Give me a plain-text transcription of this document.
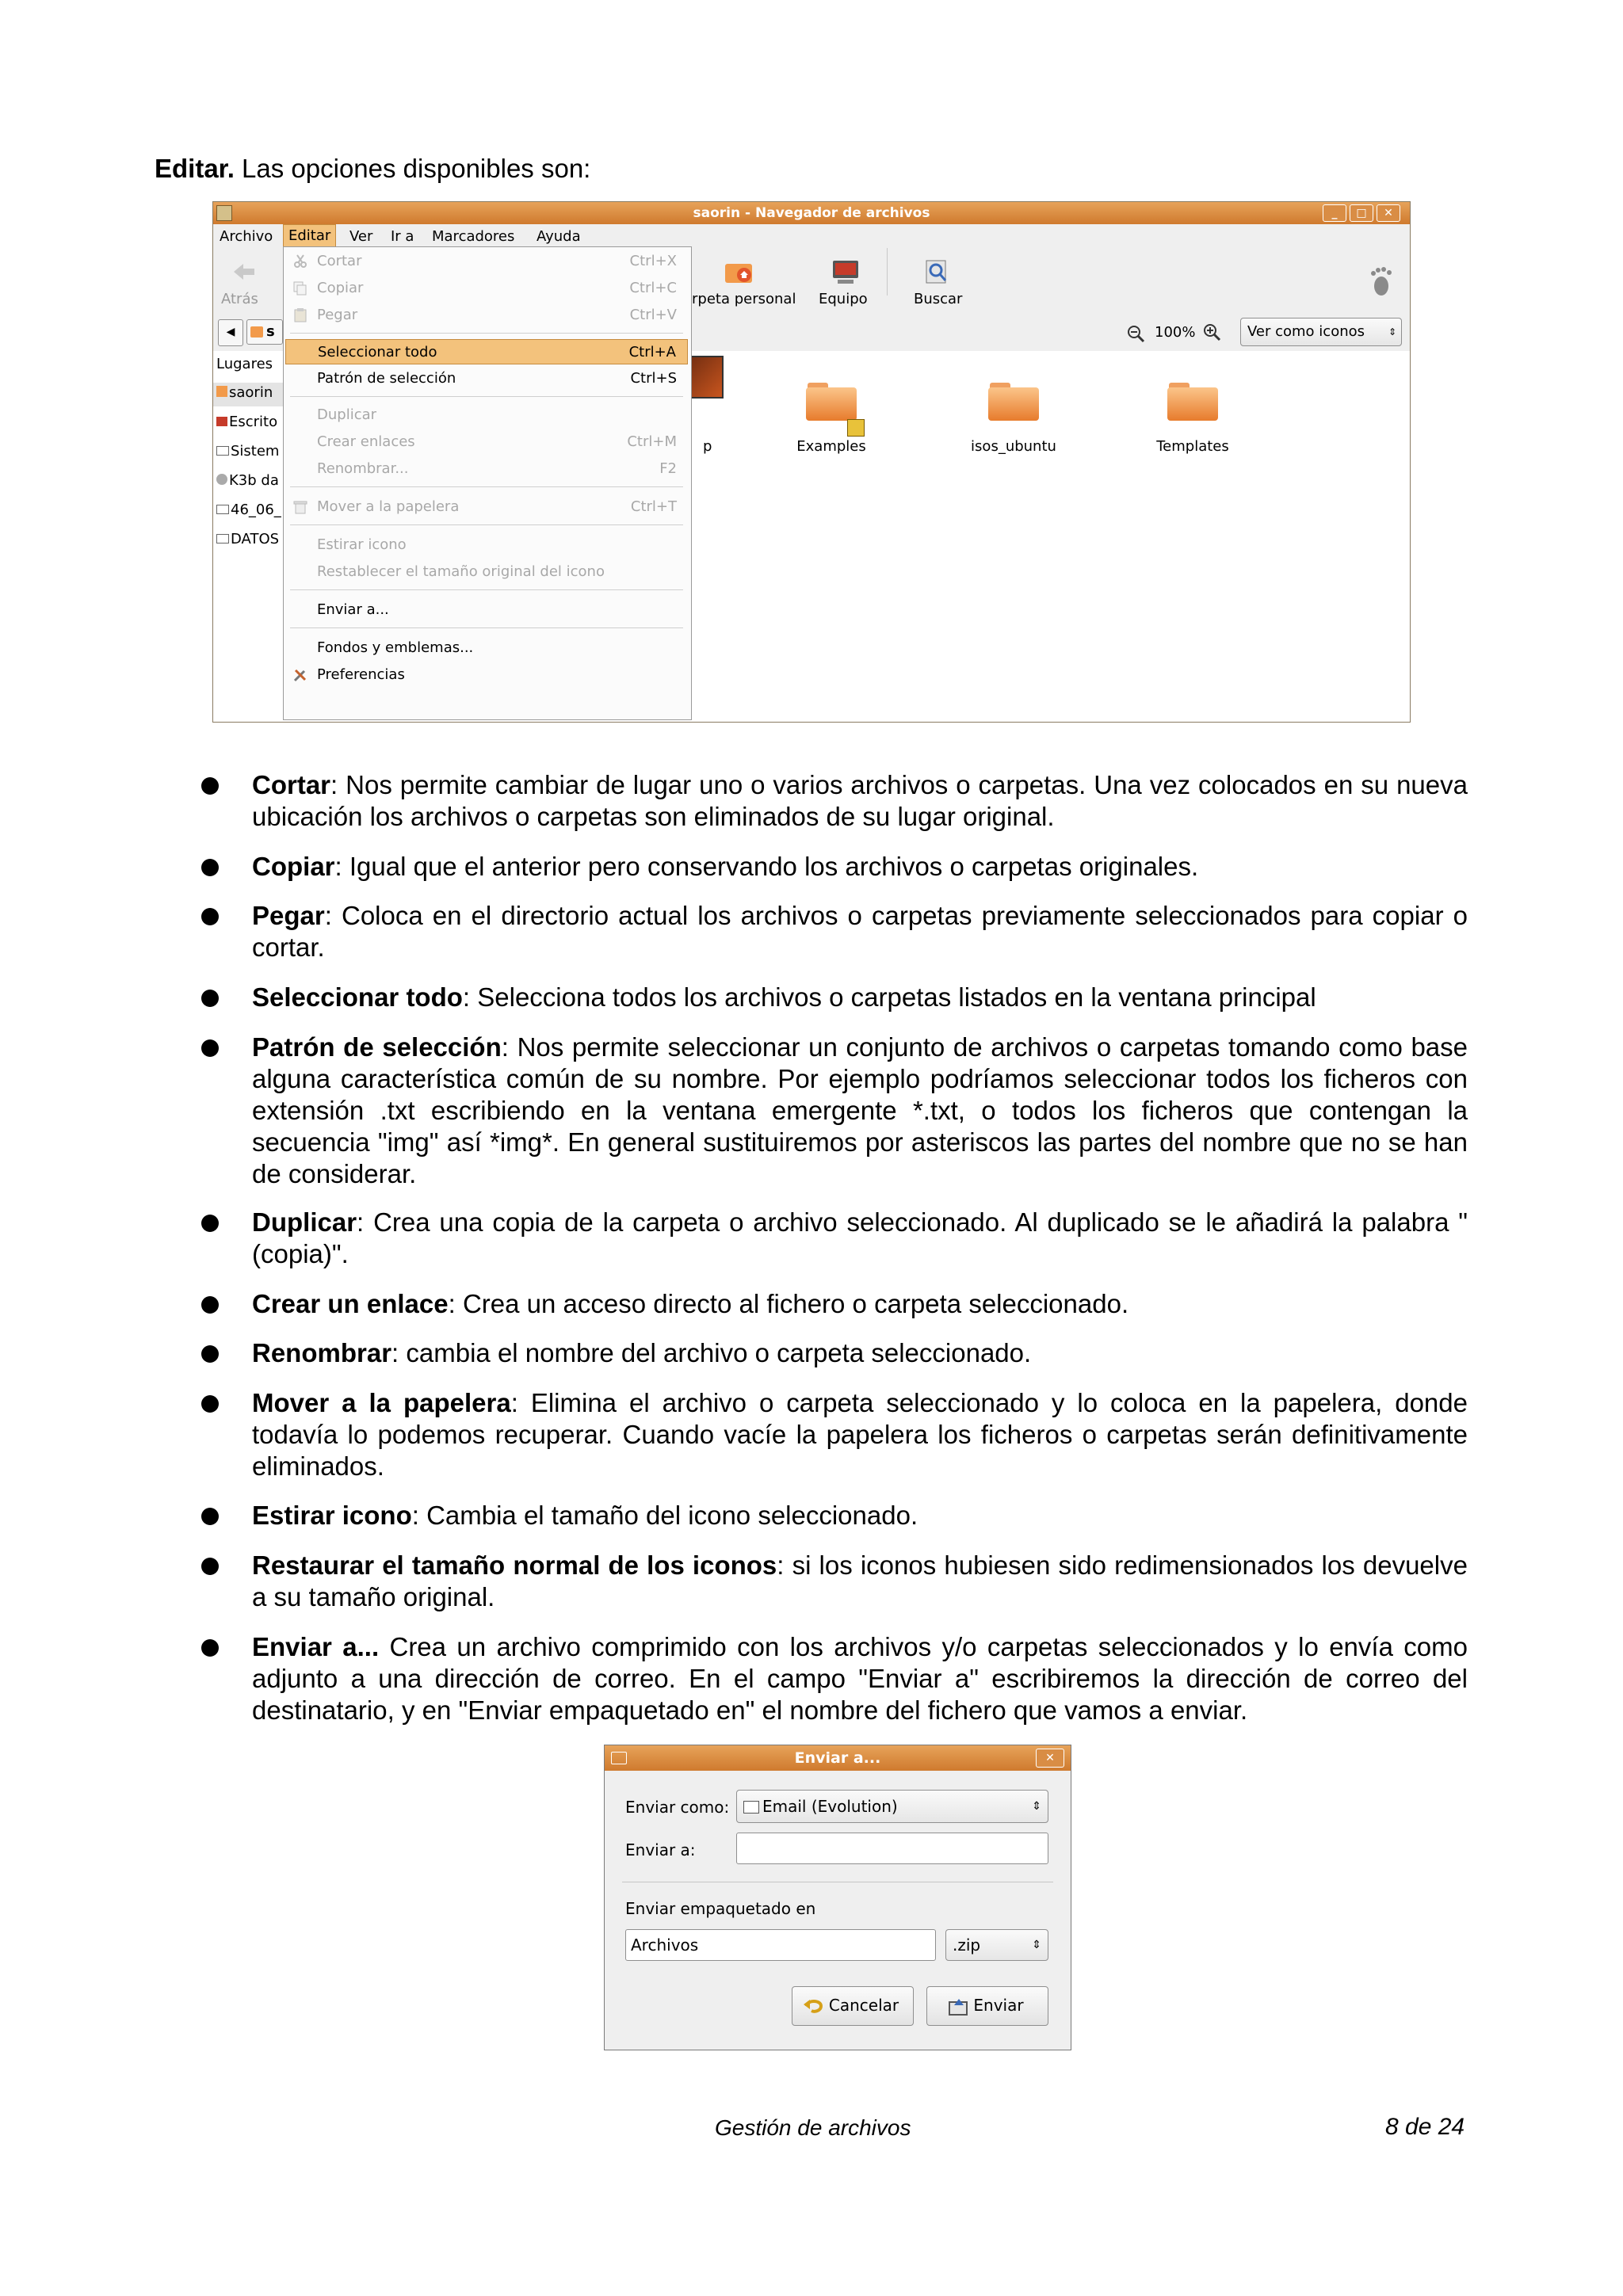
Editar. Las opciones disponibles son:
saorin - Navegador de archivos	_	□	✕
Archivo	Editar	Ver Ir a Marcadores Ayuda
Atrás	rpeta personal Equipo	Buscar
◀	s	100%	Ver como iconos ⇕
Lugares
saorin
Escrito
Sistem
K3b da
46_06_
DATOS
p	Examples	isos_ubuntu	Templates
Cortar	Ctrl+X
Copiar	Ctrl+C
Pegar	Ctrl+V
Seleccionar todo	Ctrl+A
Patrón de selección	Ctrl+S
Duplicar
Crear enlaces	Ctrl+M
Renombrar...	F2
Mover a la papelera	Ctrl+T
Estirar icono
Restablecer el tamaño original del icono
Enviar a...
Fondos y emblemas...
Preferencias
Cortar: Nos permite cambiar de lugar uno o varios archivos o carpetas. Una vez colocados en su nueva ubicación los archivos o carpetas son eliminados de su lugar original.
Copiar: Igual que el anterior pero conservando los archivos o carpetas originales.
Pegar: Coloca en el directorio actual los archivos o carpetas previamente seleccionados para copiar o cortar.
Seleccionar todo: Selecciona todos los archivos o carpetas listados en la ventana principal
Patrón de selección: Nos permite seleccionar un conjunto de archivos o carpetas tomando como base alguna característica común de su nombre. Por ejemplo podríamos seleccionar todos los ficheros con extensión .txt escribiendo en la ventana emergente *.txt, o todos los ficheros que contengan la secuencia "img" así *img*. En general sustituiremos por asteriscos las partes del nombre que no se han de considerar.
Duplicar: Crea una copia de la carpeta o archivo seleccionado. Al duplicado se le añadirá la palabra "(copia)".
Crear un enlace: Crea un acceso directo al fichero o carpeta seleccionado.
Renombrar: cambia el nombre del archivo o carpeta seleccionado.
Mover a la papelera: Elimina el archivo o carpeta seleccionado y lo coloca en la papelera, donde todavía lo podemos recuperar. Cuando vacíe la papelera los ficheros o carpetas serán definitivamente eliminados.
Estirar icono: Cambia el tamaño del icono seleccionado.
Restaurar el tamaño normal de los iconos: si los iconos hubiesen sido redimensionados los devuelve a su tamaño original.
Enviar a... Crea un archivo comprimido con los archivos y/o carpetas seleccionados y lo envía como adjunto a una dirección de correo. En el campo "Enviar a" escribiremos la dirección de correo del destinatario, y en "Enviar empaquetado en" el nombre del fichero que vamos a enviar.
Enviar a...	✕
Enviar como:	Email (Evolution)	⇕
Enviar a:
Enviar empaquetado en
Archivos	.zip	⇕
Cancelar	Enviar
Gestión de archivos	8 de 24
